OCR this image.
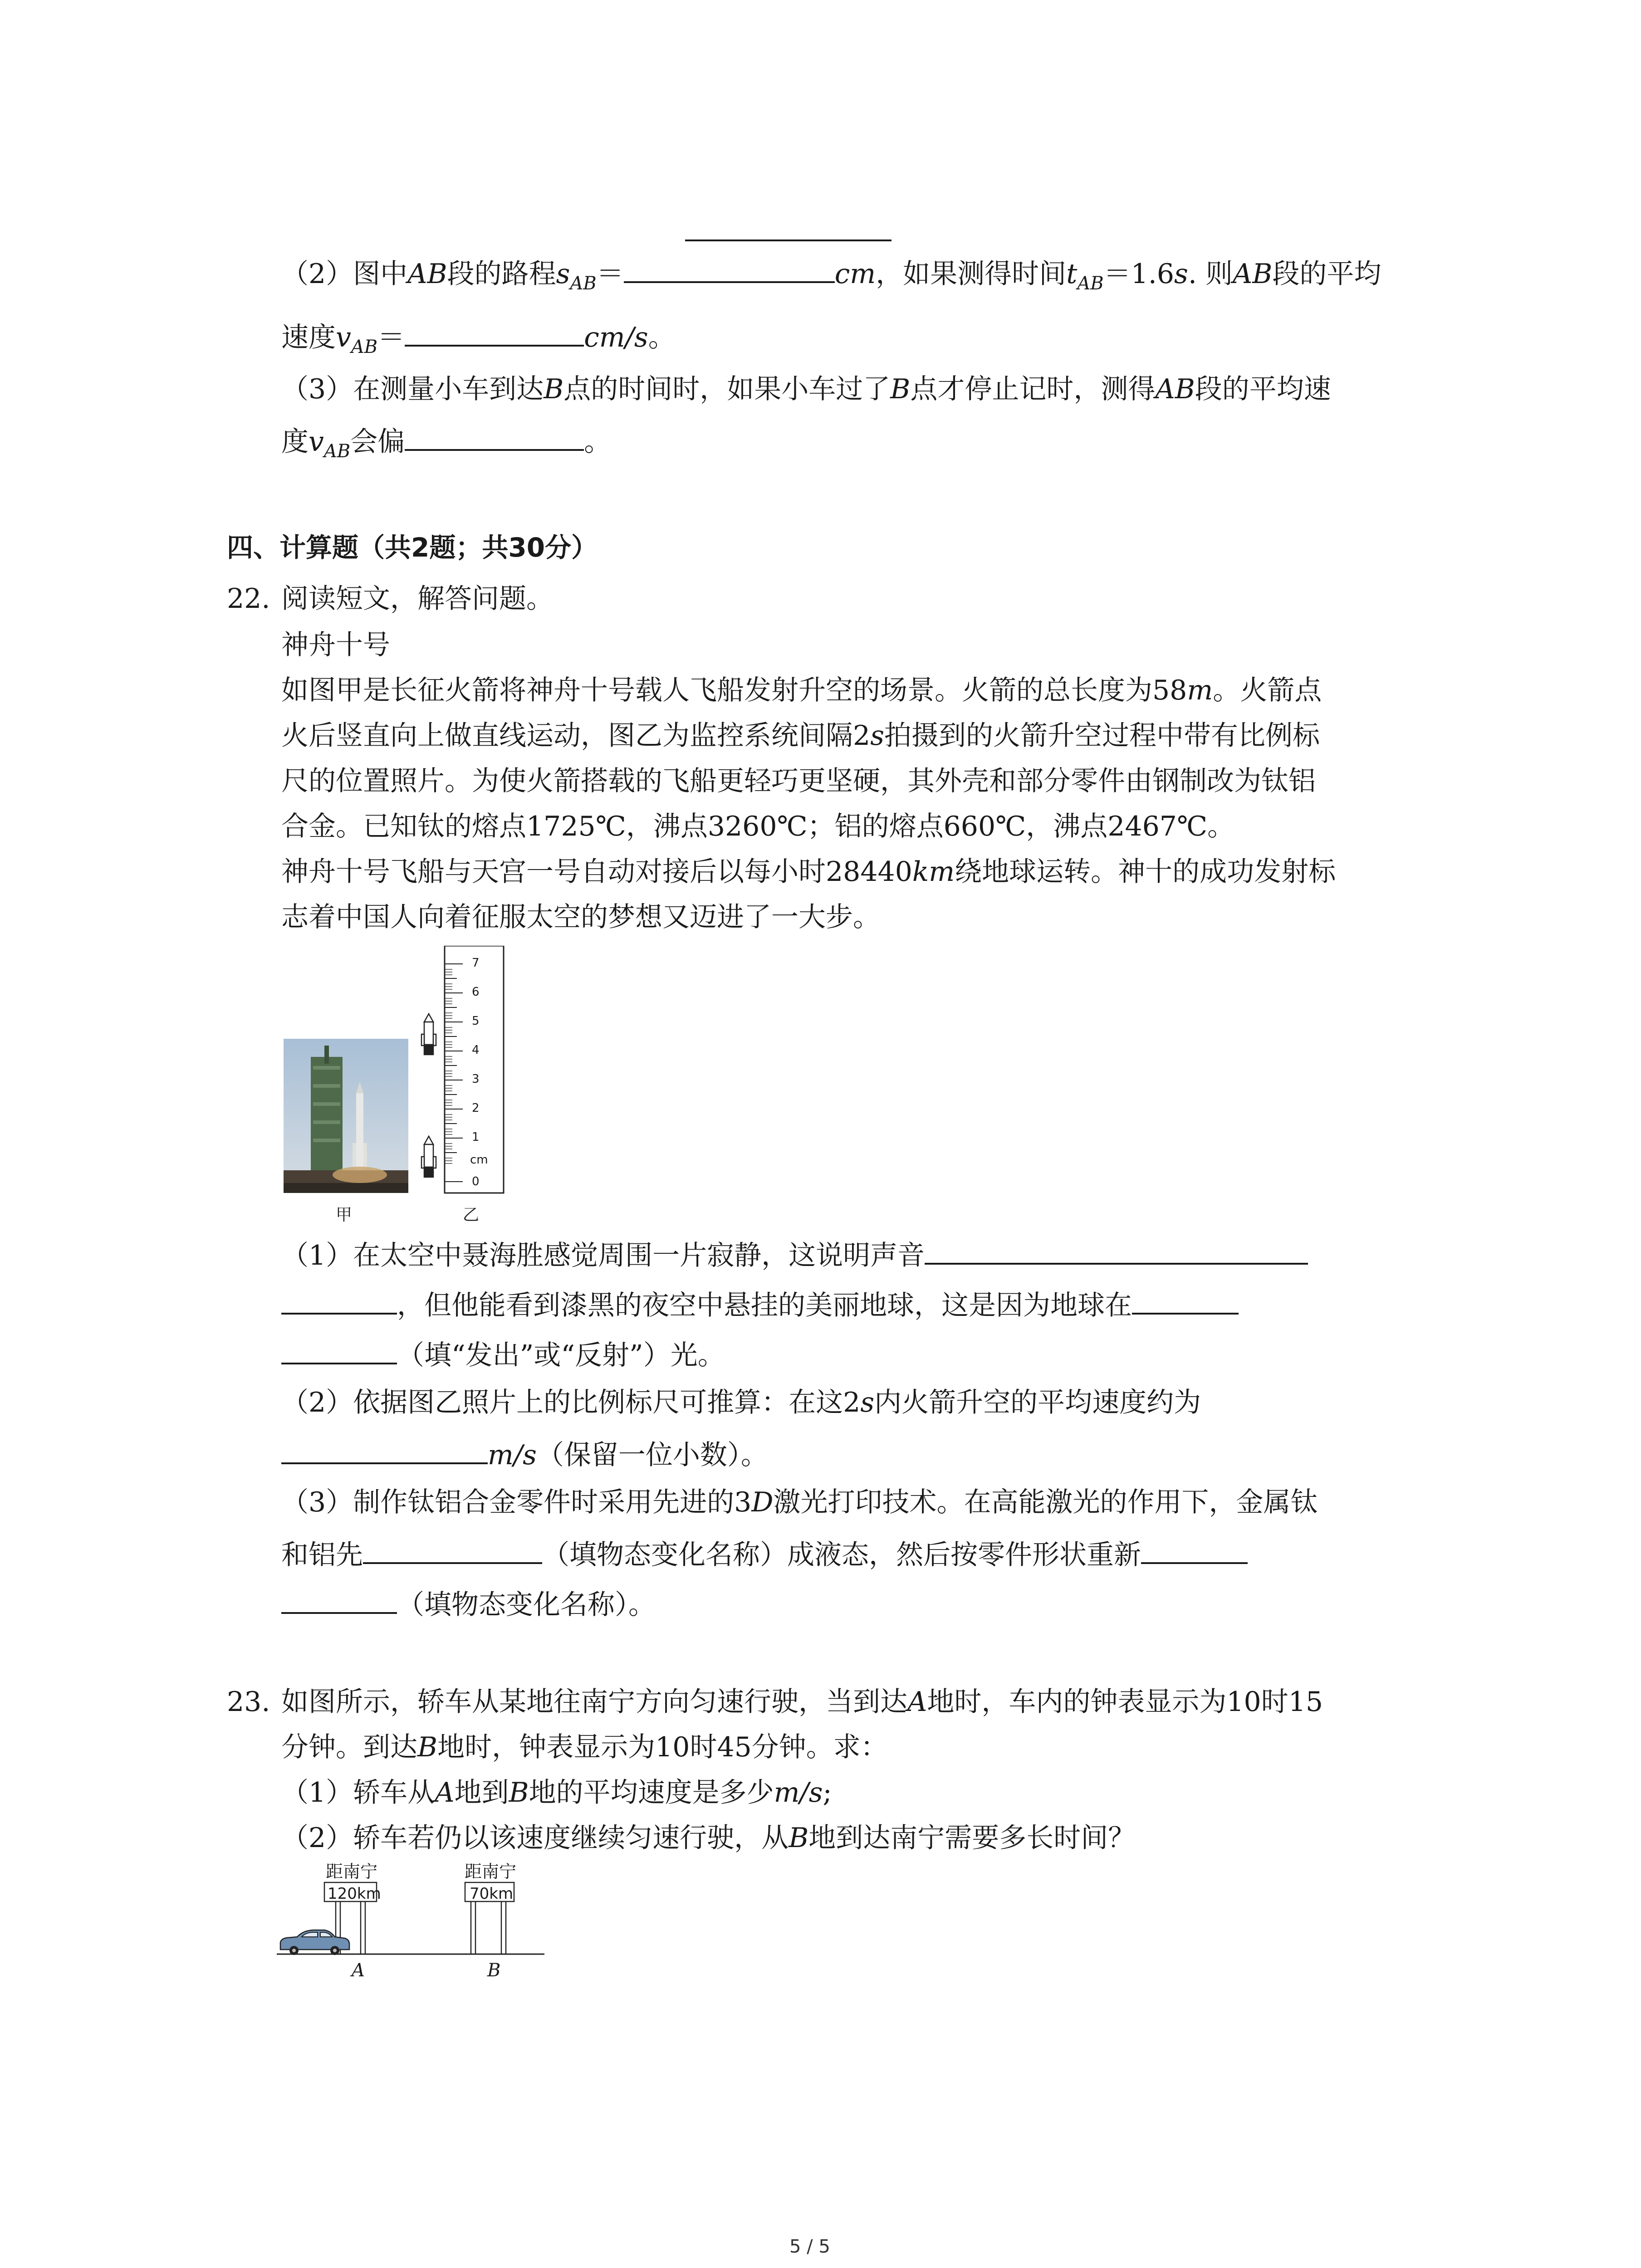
（2）图中AB段的路程$s_{AB}=$	cm，如果测得时间$t_{AB}=1.6s$. 则AB段的平均
速度$v_{AB}=$	cm/s。
（3）在测量小车到达B点的时间时，如果小车过了B点才停止记时，测得AB段的平均速
度$v_{AB}$会偏	。
四、计算题（共2题；共30分）
22. 阅读短文，解答问题。
神舟十号
如图甲是长征火箭将神舟十号载人飞船发射升空的场景。火箭的总长度为58m。火箭点
火后竖直向上做直线运动，图乙为监控系统间隔2s拍摄到的火箭升空过程中带有比例标
尺的位置照片。为使火箭搭载的飞船更轻巧更坚硬，其外壳和部分零件由钢制改为钛铝
合金。已知钛的熔点1725℃，沸点3260℃；铝的熔点660℃，沸点2467℃。
神舟十号飞船与天宫一号自动对接后以每小时28440km绕地球运转。神十的成功发射标
志着中国人向着征服太空的梦想又迈进了一大步。
甲
7
6
5
4
3
2
1
cm
0
乙
（1）在太空中聂海胜感觉周围一片寂静，这说明声音
，但他能看到漆黑的夜空中悬挂的美丽地球，这是因为地球在
（填“发出”或“反射”）光。
（2）依据图乙照片上的比例标尺可推算：在这2s内火箭升空的平均速度约为
m/s（保留一位小数）。
（3）制作钛铝合金零件时采用先进的3D激光打印技术。在高能激光的作用下，金属钛
和铝先	（填物态变化名称）成液态，然后按零件形状重新
（填物态变化名称）。
23. 如图所示，轿车从某地往南宁方向匀速行驶，当到达A地时，车内的钟表显示为10时15
分钟。到达B地时，钟表显示为10时45分钟。求：
（1）轿车从A地到B地的平均速度是多少m/s;
（2）轿车若仍以该速度继续匀速行驶，从B地到达南宁需要多长时间？
距南宁
120km
距南宁
70km
A	B
5 / 5
